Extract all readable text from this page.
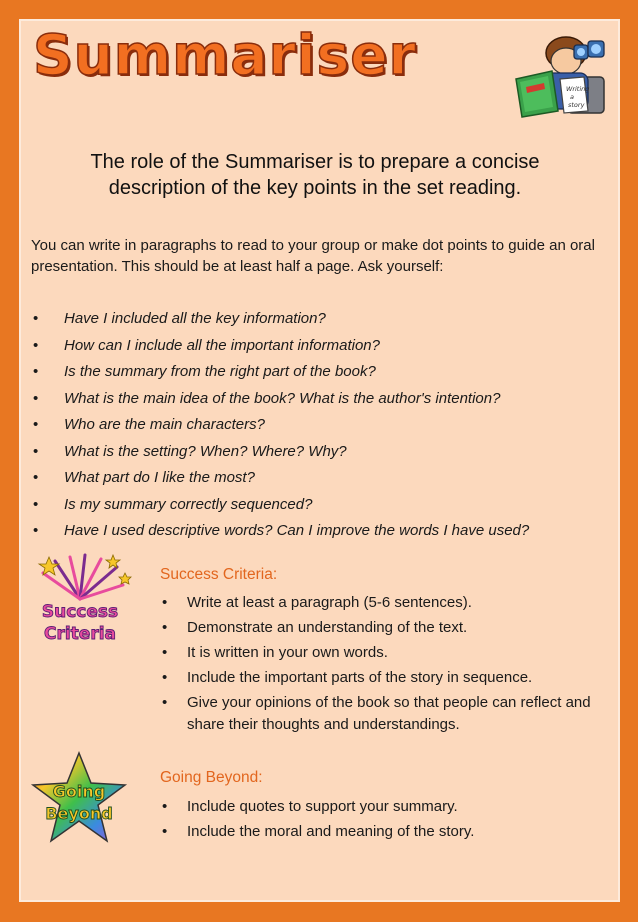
Summariser
Writing
a
story
The role of the Summariser is to prepare a concise
description of the key points in the set reading.
You can write in paragraphs to read to your group or make dot points to guide an oral presentation. This should be at least half a page. Ask yourself:
• Have I included all the key information?
• How can I include all the important information?
• Is the summary from the right part of the book?
• What is the main idea of the book? What is the author's intention?
• Who are the main characters?
• What is the setting? When? Where? Why?
• What part do I like the most?
• Is my summary correctly sequenced?
• Have I used descriptive words? Can I improve the words I have used?
Success
Criteria
Success Criteria:
• Write at least a paragraph (5-6 sentences).
• Demonstrate an understanding of the text.
• It is written in your own words.
• Include the important parts of the story in sequence.
• Give your opinions of the book so that people can reflect and share their thoughts and understandings.
Going
Beyond
Going Beyond:
• Include quotes to support your summary.
• Include the moral and meaning of the story.
